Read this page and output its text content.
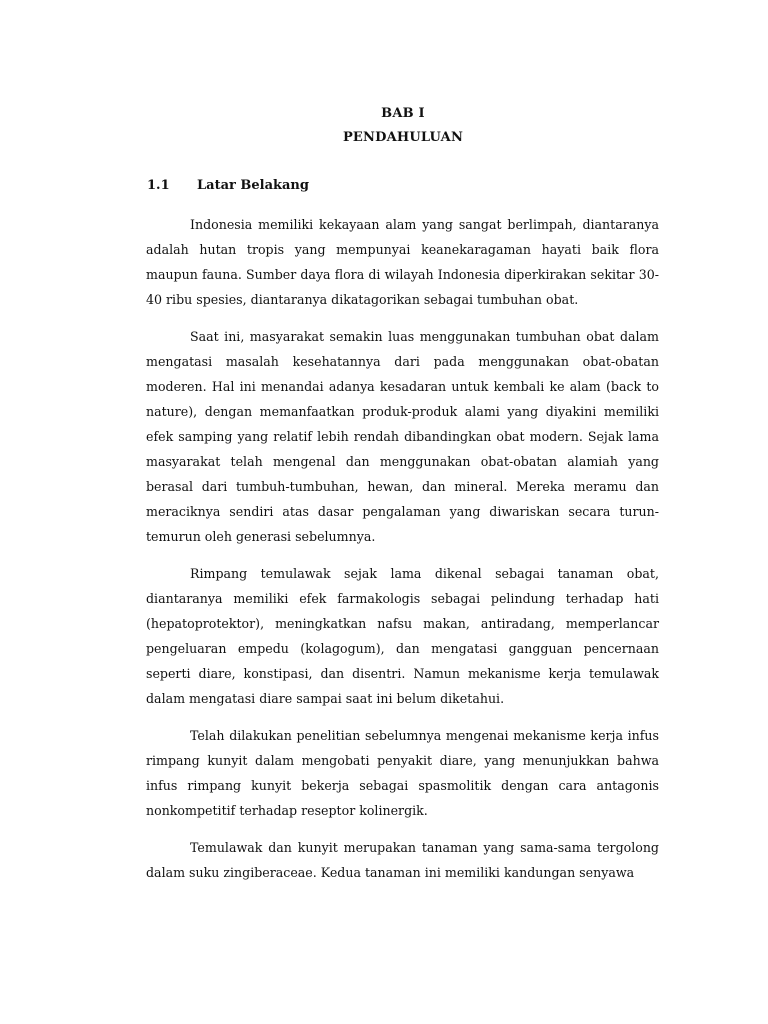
BAB I
PENDAHULUAN
1.1	Latar Belakang

Indonesia memiliki kekayaan alam yang sangat berlimpah, diantaranya adalah hutan tropis yang mempunyai keanekaragaman hayati baik flora maupun fauna. Sumber daya flora di wilayah Indonesia diperkirakan sekitar 30-40 ribu spesies, diantaranya dikatagorikan sebagai tumbuhan obat.

Saat ini, masyarakat semakin luas menggunakan tumbuhan obat dalam mengatasi masalah kesehatannya dari pada menggunakan obat-obatan moderen. Hal ini menandai adanya kesadaran untuk kembali ke alam (back to nature), dengan memanfaatkan produk-produk alami yang diyakini memiliki efek samping yang relatif lebih rendah dibandingkan obat modern. Sejak lama masyarakat telah mengenal dan menggunakan obat-obatan alamiah yang berasal dari tumbuh-tumbuhan, hewan, dan mineral. Mereka meramu dan meraciknya sendiri atas dasar pengalaman yang diwariskan secara turun-temurun oleh generasi sebelumnya.

Rimpang temulawak sejak lama dikenal sebagai tanaman obat, diantaranya memiliki efek farmakologis sebagai pelindung terhadap hati (hepatoprotektor), meningkatkan nafsu makan, antiradang, memperlancar pengeluaran empedu (kolagogum), dan mengatasi gangguan pencernaan seperti diare, konstipasi, dan disentri. Namun mekanisme kerja temulawak dalam mengatasi diare sampai saat ini belum diketahui.

Telah dilakukan penelitian sebelumnya mengenai mekanisme kerja infus rimpang kunyit dalam mengobati penyakit diare, yang menunjukkan bahwa infus rimpang kunyit bekerja sebagai spasmolitik dengan cara antagonis nonkompetitif terhadap reseptor kolinergik.

Temulawak dan kunyit merupakan tanaman yang sama-sama tergolong dalam suku zingiberaceae. Kedua tanaman ini memiliki kandungan senyawa
